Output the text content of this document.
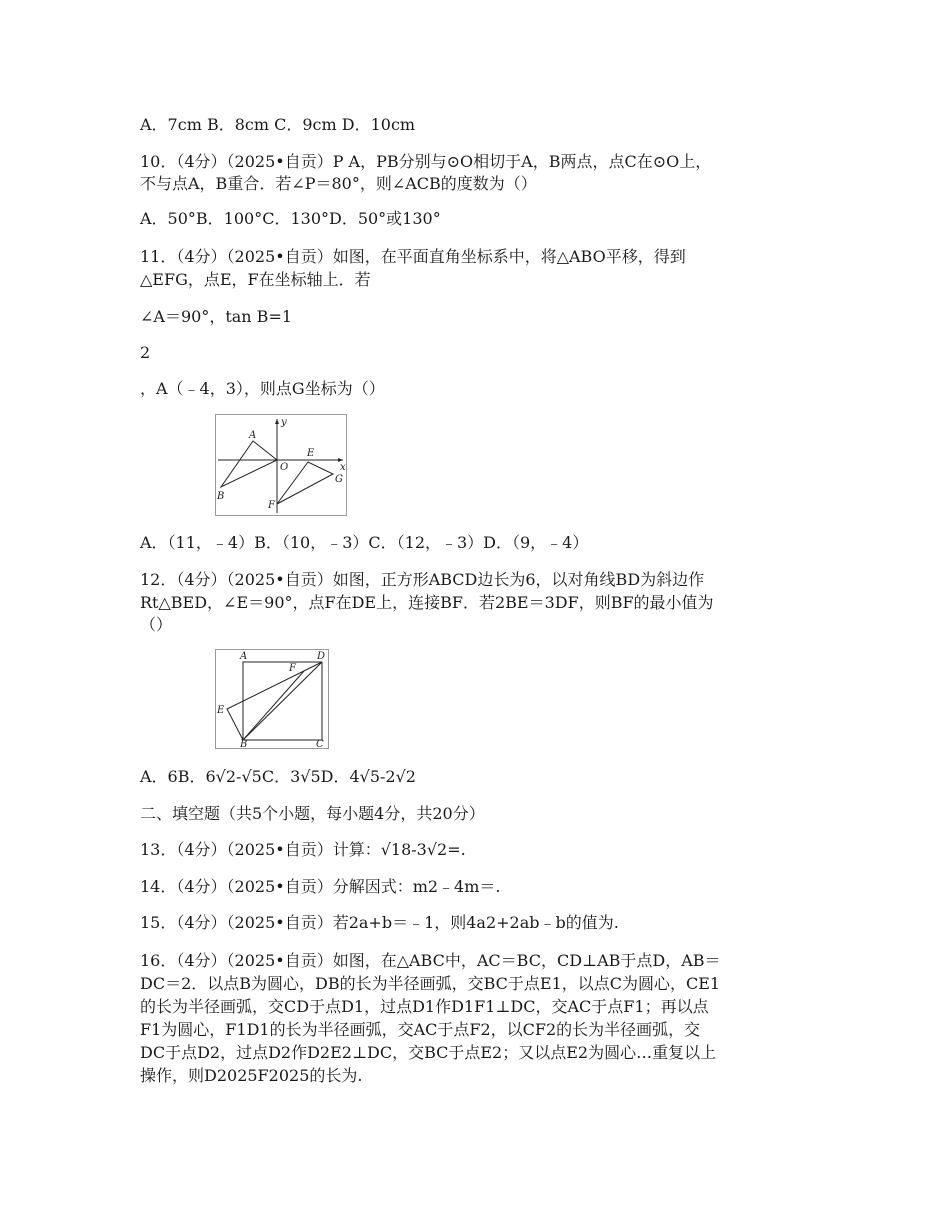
A．7cm B．8cm C．9cm D．10cm
10．（4分）（2025•自贡）P A，PB分别与⊙O相切于A，B两点，点C在⊙O上，
不与点A，B重合．若∠P＝80°，则∠ACB的度数为（）
A．50°B．100°C．130°D．50°或130°
11．（4分）（2025•自贡）如图，在平面直角坐标系中，将△ABO平移，得到
△EFG，点E，F在坐标轴上．若
∠A＝90°，tan B=1
2
，A（﹣4，3），则点G坐标为（）
y
x
A
O
E
B
F
G
A．（11，﹣4）B．（10，﹣3）C．（12，﹣3）D．（9，﹣4）
12．（4分）（2025•自贡）如图，正方形ABCD边长为6，以对角线BD为斜边作
Rt△BED，∠E＝90°，点F在DE上，连接BF．若2BE＝3DF，则BF的最小值为
（）
A	D
F
E
B	C
A．6B．6√2-√5C．3√5D．4√5-2√2
二、填空题（共5个小题，每小题4分，共20分）
13．（4分）（2025•自贡）计算：√18-3√2=.
14．（4分）（2025•自贡）分解因式：m2﹣4m＝.
15．（4分）（2025•自贡）若2a+b＝﹣1，则4a2+2ab﹣b的值为.
16．（4分）（2025•自贡）如图，在△ABC中，AC＝BC，CD⊥AB于点D，AB＝
DC＝2．以点B为圆心，DB的长为半径画弧，交BC于点E1，以点C为圆心，CE1
的长为半径画弧，交CD于点D1，过点D1作D1F1⊥DC，交AC于点F1；再以点
F1为圆心，F1D1的长为半径画弧，交AC于点F2，以CF2的长为半径画弧，交
DC于点D2，过点D2作D2E2⊥DC，交BC于点E2；又以点E2为圆心…重复以上
操作，则D2025F2025的长为.
